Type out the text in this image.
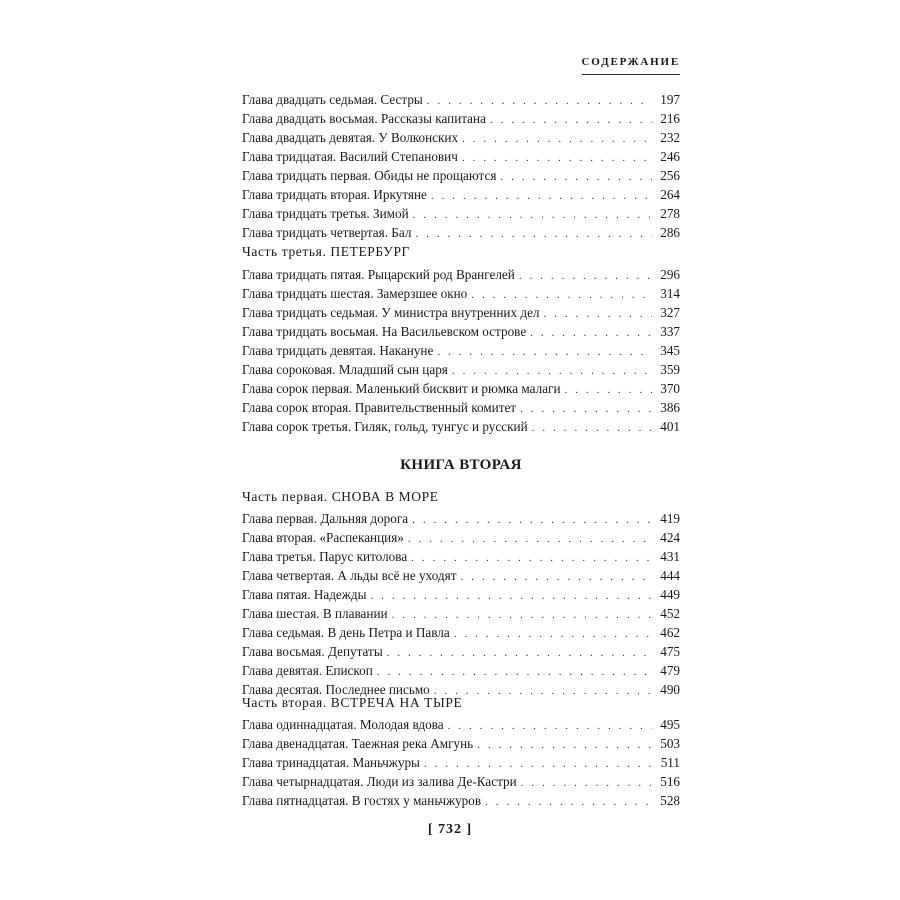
СОДЕРЖАНИЕ
Глава двадцать седьмая. Сестры . . .	197
Глава двадцать восьмая. Рассказы капитана . . .	216
Глава двадцать девятая. У Волконских . . .	232
Глава тридцатая. Василий Степанович . . .	246
Глава тридцать первая. Обиды не прощаются . . .	256
Глава тридцать вторая. Иркутяне . . .	264
Глава тридцать третья. Зимой . . .	278
Глава тридцать четвертая. Бал . . .	286
Часть третья. ПЕТЕРБУРГ
Глава тридцать пятая. Рыцарский род Врангелей . . .	296
Глава тридцать шестая. Замерзшее окно . . .	314
Глава тридцать седьмая. У министра внутренних дел . . .	327
Глава тридцать восьмая. На Васильевском острове . . .	337
Глава тридцать девятая. Накануне . . .	345
Глава сороковая. Младший сын царя . . .	359
Глава сорок первая. Маленький бисквит и рюмка малаги . . .	370
Глава сорок вторая. Правительственный комитет . . .	386
Глава сорок третья. Гиляк, гольд, тунгус и русский . . .	401
КНИГА ВТОРАЯ
Часть первая. СНОВА В МОРЕ
Глава первая. Дальняя дорога . . .	419
Глава вторая. «Распеканция» . . .	424
Глава третья. Парус китолова . . .	431
Глава четвертая. А льды всё не уходят . . .	444
Глава пятая. Надежды . . .	449
Глава шестая. В плавании . . .	452
Глава седьмая. В день Петра и Павла . . .	462
Глава восьмая. Депутаты . . .	475
Глава девятая. Епископ . . .	479
Глава десятая. Последнее письмо . . .	490
Часть вторая. ВСТРЕЧА НА ТЫРЕ
Глава одиннадцатая. Молодая вдова . . .	495
Глава двенадцатая. Таежная река Амгунь . . .	503
Глава тринадцатая. Маньчжуры . . .	511
Глава четырнадцатая. Люди из залива Де-Кастри . . .	516
Глава пятнадцатая. В гостях у маньчжуров . . .	528
[ 732 ]
